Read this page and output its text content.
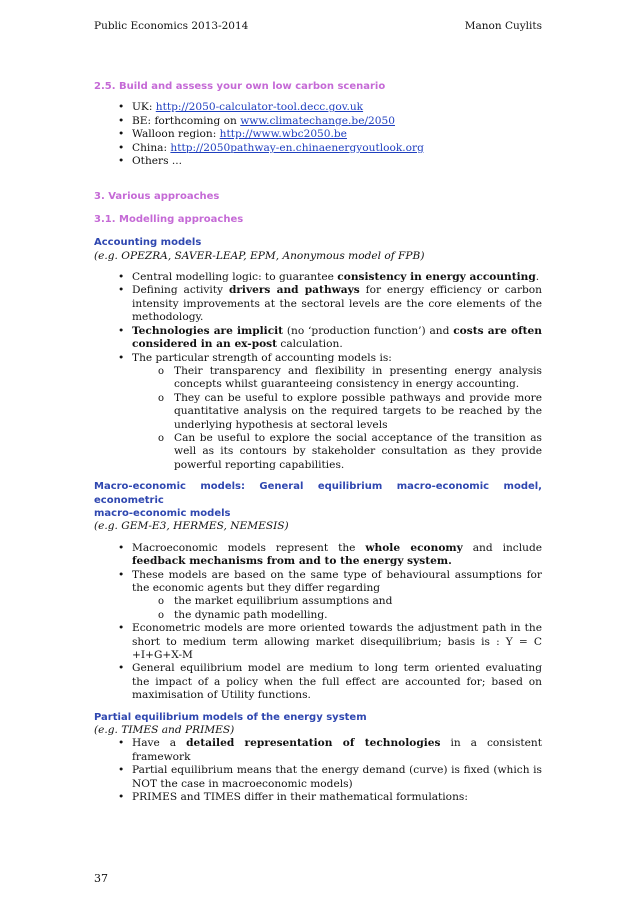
Public Economics 2013-2014	Manon Cuylits
2.5. Build and assess your own low carbon scenario
• UK: http://2050-calculator-tool.decc.gov.uk
• BE: forthcoming on www.climatechange.be/2050
• Walloon region: http://www.wbc2050.be
• China: http://2050pathway-en.chinaenergyoutlook.org
• Others ...
3. Various approaches
3.1. Modelling approaches
Accounting models
(e.g. OPEZRA, SAVER-LEAP, EPM, Anonymous model of FPB)
• Central modelling logic: to guarantee consistency in energy accounting.
• Defining activity drivers and pathways for energy efficiency or carbon intensity improvements at the sectoral levels are the core elements of the methodology.
• Technologies are implicit (no ‘production function’) and costs are often considered in an ex-post calculation.
• The particular strength of accounting models is:
o Their transparency and flexibility in presenting energy analysis concepts whilst guaranteeing consistency in energy accounting.
o They can be useful to explore possible pathways and provide more quantitative analysis on the required targets to be reached by the underlying hypothesis at sectoral levels
o Can be useful to explore the social acceptance of the transition as well as its contours by stakeholder consultation as they provide powerful reporting capabilities.
Macro-economic models: General equilibrium macro-economic model, econometric
macro-economic models
(e.g. GEM-E3, HERMES, NEMESIS)
• Macroeconomic models represent the whole economy and include feedback mechanisms from and to the energy system.
• These models are based on the same type of behavioural assumptions for the economic agents but they differ regarding
o the market equilibrium assumptions and
o the dynamic path modelling.
• Econometric models are more oriented towards the adjustment path in the short to medium term allowing market disequilibrium; basis is : Y = C +I+G+X-M
• General equilibrium model are medium to long term oriented evaluating the impact of a policy when the full effect are accounted for; based on maximisation of Utility functions.
Partial equilibrium models of the energy system
(e.g. TIMES and PRIMES)
• Have a detailed representation of technologies in a consistent framework
• Partial equilibrium means that the energy demand (curve) is fixed (which is NOT the case in macroeconomic models)
• PRIMES and TIMES differ in their mathematical formulations:
37
